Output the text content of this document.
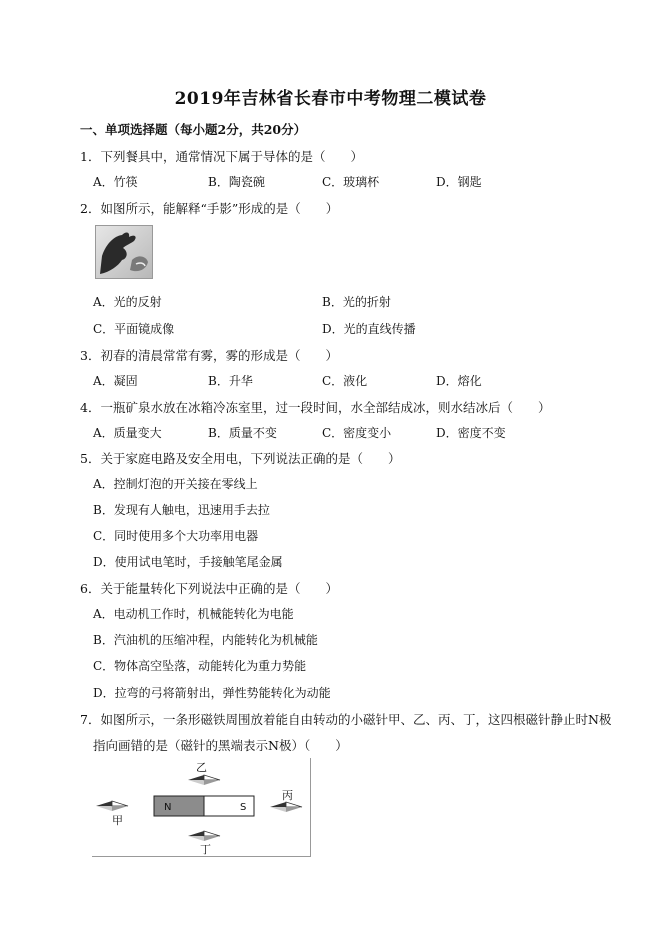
2019年吉林省长春市中考物理二模试卷
一、单项选择题（每小题2分，共20分）
1．下列餐具中，通常情况下属于导体的是（　　）
A．竹筷	B．陶瓷碗	C．玻璃杯	D．钢匙
2．如图所示，能解释“手影”形成的是（　　）
A．光的反射	B．光的折射
C．平面镜成像	D．光的直线传播
3．初春的清晨常常有雾，雾的形成是（　　）
A．凝固	B．升华	C．液化	D．熔化
4．一瓶矿泉水放在冰箱冷冻室里，过一段时间，水全部结成冰，则水结冰后（　　）
A．质量变大	B．质量不变	C．密度变小	D．密度不变
5．关于家庭电路及安全用电，下列说法正确的是（　　）
A．控制灯泡的开关接在零线上
B．发现有人触电，迅速用手去拉
C．同时使用多个大功率用电器
D．使用试电笔时，手接触笔尾金属
6．关于能量转化下列说法中正确的是（　　）
A．电动机工作时，机械能转化为电能
B．汽油机的压缩冲程，内能转化为机械能
C．物体高空坠落，动能转化为重力势能
D．拉弯的弓将箭射出，弹性势能转化为动能
7．如图所示，一条形磁铁周围放着能自由转动的小磁针甲、乙、丙、丁，这四根磁针静止时N极
指向画错的是（磁针的黑端表示N极）（　　）
N	S
乙
丙
甲
丁
